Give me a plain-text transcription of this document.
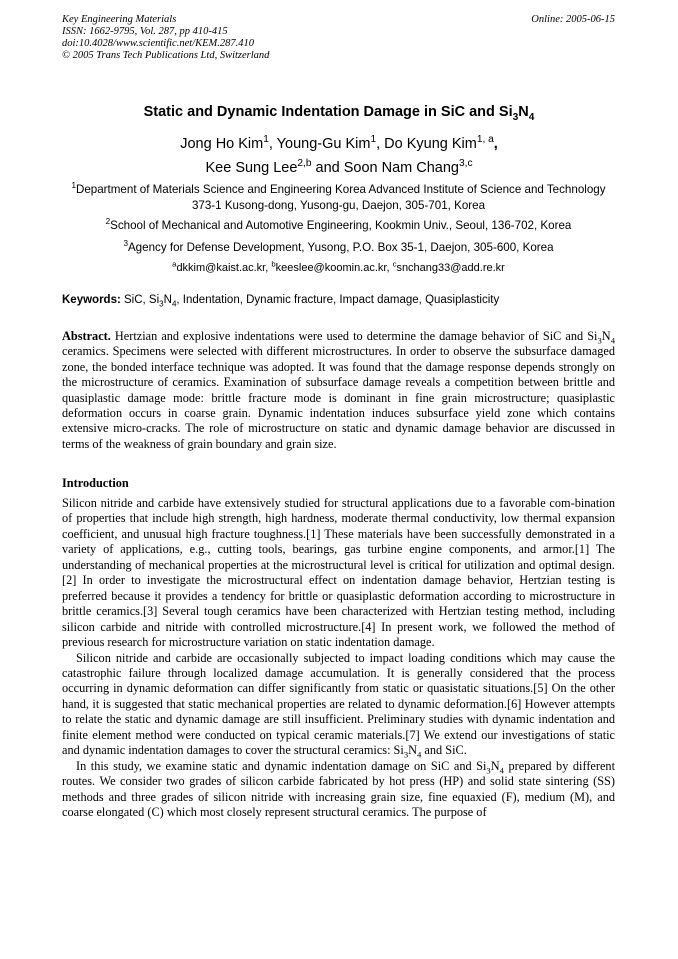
Key Engineering Materials
ISSN: 1662-9795, Vol. 287, pp 410-415
doi:10.4028/www.scientific.net/KEM.287.410
© 2005 Trans Tech Publications Ltd, Switzerland
Online: 2005-06-15
Static and Dynamic Indentation Damage in SiC and $Si_3N_4$
Jong Ho Kim$^1$, Young-Gu Kim$^1$, Do Kyung Kim$^{1, a}$,
Kee Sung Lee$^{2,b}$ and Soon Nam Chang$^{3,c}$
$^1$Department of Materials Science and Engineering Korea Advanced Institute of Science and Technology 373-1 Kusong-dong, Yusong-gu, Daejon, 305-701, Korea
$^2$School of Mechanical and Automotive Engineering, Kookmin Univ., Seoul, 136-702, Korea
$^3$Agency for Defense Development, Yusong, P.O. Box 35-1, Daejon, 305-600, Korea
$^a$dkkim@kaist.ac.kr, $^b$keeslee@koomin.ac.kr, $^c$snchang33@add.re.kr
Keywords: SiC, $Si_3N_4$, Indentation, Dynamic fracture, Impact damage, Quasiplasticity
Abstract. Hertzian and explosive indentations were used to determine the damage behavior of SiC and $Si_3N_4$ ceramics. Specimens were selected with different microstructures. In order to observe the subsurface damaged zone, the bonded interface technique was adopted. It was found that the damage response depends strongly on the microstructure of ceramics. Examination of subsurface damage reveals a competition between brittle and quasiplastic damage mode: brittle fracture mode is dominant in fine grain microstructure; quasiplastic deformation occurs in coarse grain. Dynamic indentation induces subsurface yield zone which contains extensive micro-cracks. The role of microstructure on static and dynamic damage behavior are discussed in terms of the weakness of grain boundary and grain size.
Introduction

Silicon nitride and carbide have extensively studied for structural applications due to a favorable com-bination of properties that include high strength, high hardness, moderate thermal conductivity, low thermal expansion coefficient, and unusual high fracture toughness.[1] These materials have been successfully demonstrated in a variety of applications, e.g., cutting tools, bearings, gas turbine engine components, and armor.[1] The understanding of mechanical properties at the microstructural level is critical for utilization and optimal design.[2] In order to investigate the microstructural effect on indentation damage behavior, Hertzian testing is preferred because it provides a tendency for brittle or quasiplastic deformation according to microstructure in brittle ceramics.[3] Several tough ceramics have been characterized with Hertzian testing method, including silicon carbide and nitride with controlled microstructure.[4] In present work, we followed the method of previous research for microstructure variation on static indentation damage.

Silicon nitride and carbide are occasionally subjected to impact loading conditions which may cause the catastrophic failure through localized damage accumulation. It is generally considered that the process occurring in dynamic deformation can differ significantly from static or quasistatic situations.[5] On the other hand, it is suggested that static mechanical properties are related to dynamic deformation.[6] However attempts to relate the static and dynamic damage are still insufficient. Preliminary studies with dynamic indentation and finite element method were conducted on typical ceramic materials.[7] We extend our investigations of static and dynamic indentation damages to cover the structural ceramics: $Si_3N_4$ and SiC.

In this study, we examine static and dynamic indentation damage on SiC and $Si_3N_4$ prepared by different routes. We consider two grades of silicon carbide fabricated by hot press (HP) and solid state sintering (SS) methods and three grades of silicon nitride with increasing grain size, fine equaxied (F), medium (M), and coarse elongated (C) which most closely represent structural ceramics. The purpose of
